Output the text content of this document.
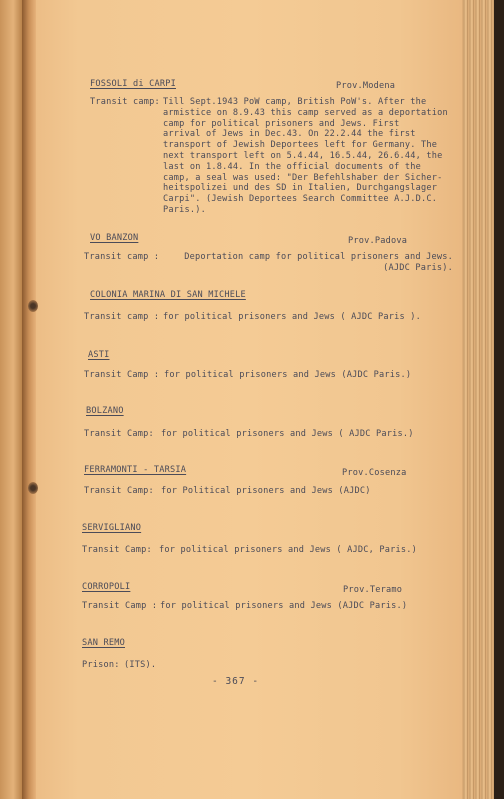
FOSSOLI di CARPI	Prov.Modena
Transit camp: Till Sept.1943 PoW camp, British PoW's. After the
armistice on 8.9.43 this camp served as a deportation
camp for political prisoners and Jews. First
arrival of Jews in Dec.43. On 22.2.44 the first
transport of Jewish Deportees left for Germany. The
next transport left on 5.4.44, 16.5.44, 26.6.44, the
last on 1.8.44. In the official documents of the
camp, a seal was used: "Der Befehlshaber der Sicher-
heitspolizei und des SD in Italien, Durchgangslager
Carpi". (Jewish Deportees Search Committee A.J.D.C.
Paris.).
VO BANZON	Prov.Padova
Transit camp :	Deportation camp for political prisoners and Jews.
(AJDC Paris).
COLONIA MARINA DI SAN MICHELE
Transit camp : for political prisoners and Jews ( AJDC Paris ).
ASTI
Transit Camp : for political prisoners and Jews (AJDC Paris.)
BOLZANO
Transit Camp: for political prisoners and Jews ( AJDC Paris.)
FERRAMONTI - TARSIA	Prov.Cosenza
Transit Camp: for Political prisoners and Jews (AJDC)
SERVIGLIANO
Transit Camp: for political prisoners and Jews ( AJDC, Paris.)
CORROPOLI	Prov.Teramo
Transit Camp : for political prisoners and Jews (AJDC Paris.)
SAN REMO
Prison: (ITS).
- 367 -
